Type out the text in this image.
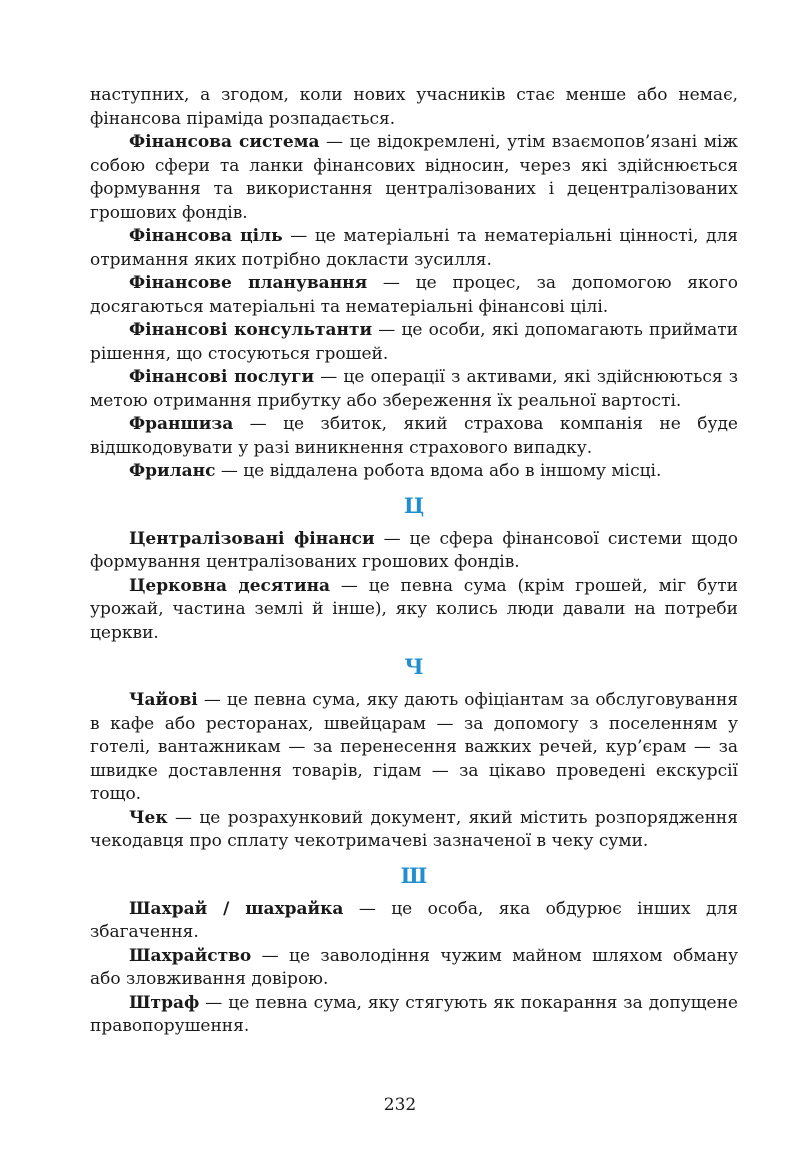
наступних, а згодом, коли нових учасників стає менше або немає, фінансова піраміда розпадається.

Фінансова система — це відокремлені, утім взаємопов’язані між собою сфери та ланки фінансових відносин, через які здійснюється формування та використання централізованих і децентралізованих грошових фондів.

Фінансова ціль — це матеріальні та нематеріальні цінності, для отримання яких потрібно докласти зусилля.

Фінансове планування — це процес, за допомогою якого досягаються матеріальні та нематеріальні фінансові цілі.

Фінансові консультанти — це особи, які допомагають приймати рішення, що стосуються грошей.

Фінансові послуги — це операції з активами, які здійснюються з метою отримання прибутку або збереження їх реальної вартості.

Франшиза — це збиток, який страхова компанія не буде відшкодовувати у разі виникнення страхового випадку.

Фриланс — це віддалена робота вдома або в іншому місці.

Ц

Централізовані фінанси — це сфера фінансової системи щодо формування централізованих грошових фондів.

Церковна десятина — це певна сума (крім грошей, міг бути урожай, частина землі й інше), яку колись люди давали на потреби церкви.

Ч

Чайові — це певна сума, яку дають офіціантам за обслуговування в кафе або ресторанах, швейцарам — за допомогу з поселенням у готелі, вантажникам — за перенесення важких речей, кур’єрам — за швидке доставлення товарів, гідам — за цікаво проведені екскурсії тощо.

Чек — це розрахунковий документ, який містить розпорядження чекодавця про сплату чекотримачеві зазначеної в чеку суми.

Ш

Шахрай / шахрайка — це особа, яка обдурює інших для збагачення.

Шахрайство — це заволодіння чужим майном шляхом обману або зловживання довірою.

Штраф — це певна сума, яку стягують як покарання за допущене правопорушення.

232
